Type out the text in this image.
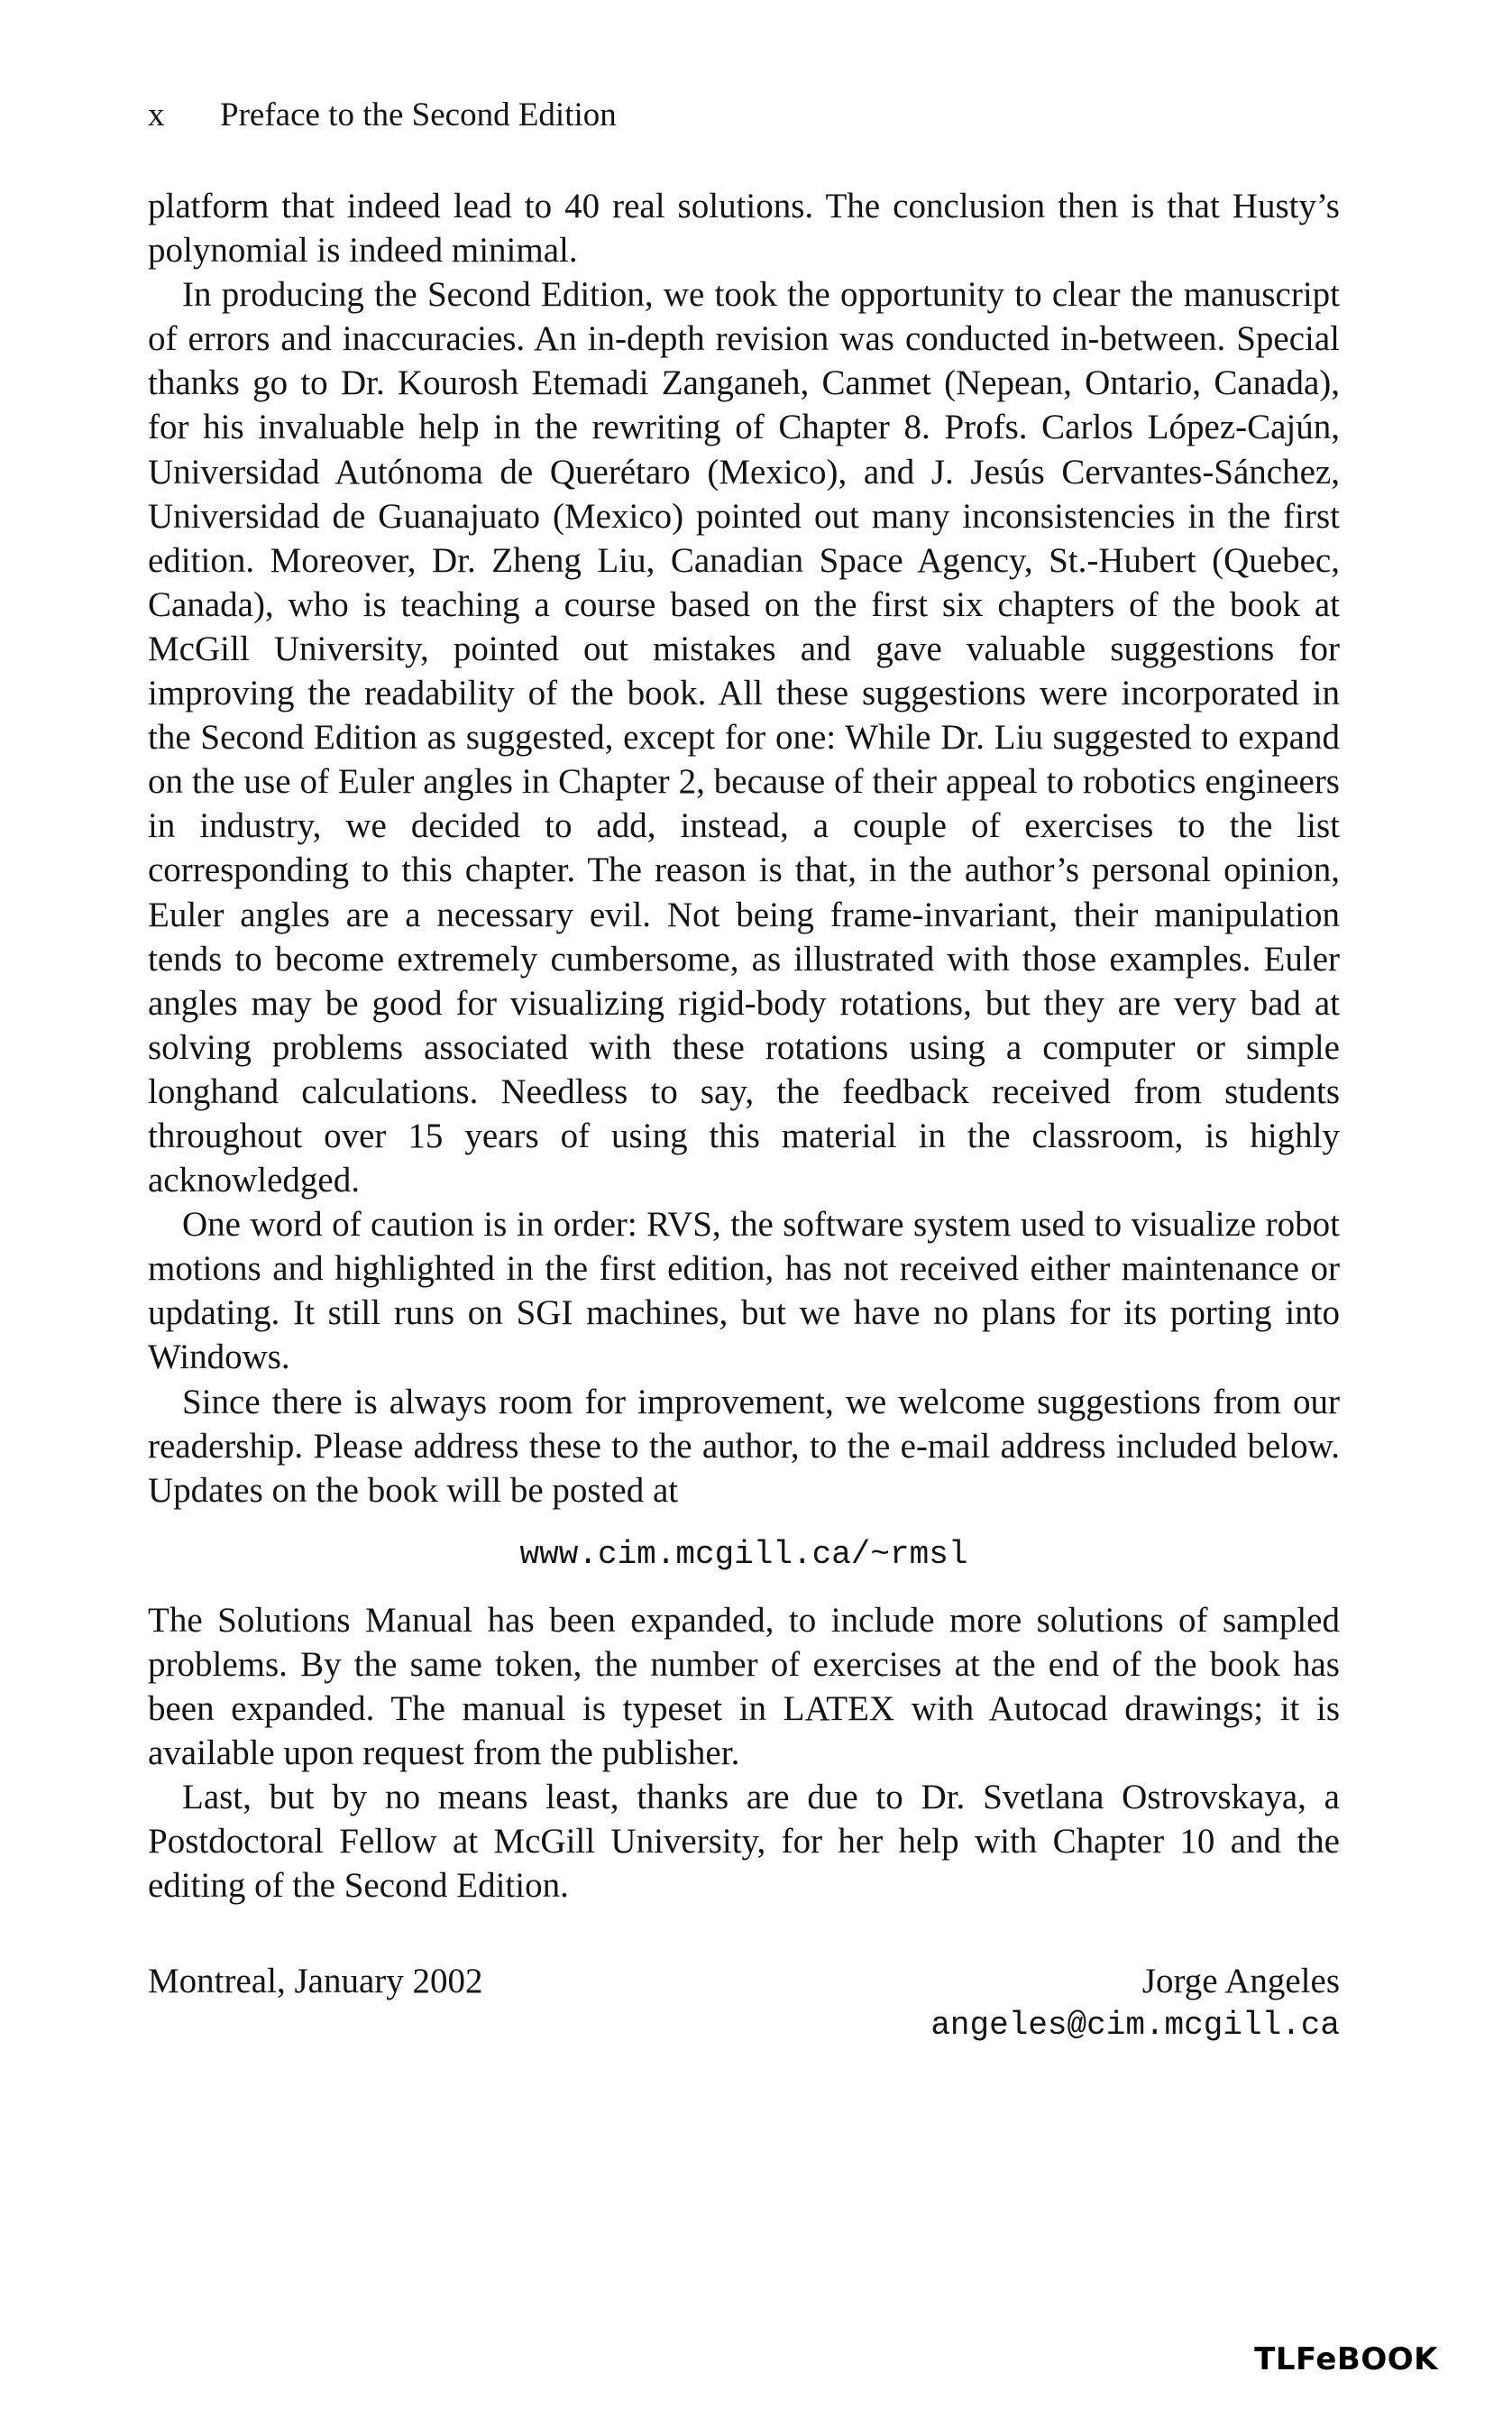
x Preface to the Second Edition

platform that indeed lead to 40 real solutions. The conclusion then is that Husty’s polynomial is indeed minimal.

In producing the Second Edition, we took the opportunity to clear the manuscript of errors and inaccuracies. An in-depth revision was conducted in-between. Special thanks go to Dr. Kourosh Etemadi Zanganeh, Canmet (Nepean, Ontario, Canada), for his invaluable help in the rewriting of Chapter 8. Profs. Carlos López-Cajún, Universidad Autónoma de Querétaro (Mexico), and J. Jesús Cervantes-Sánchez, Universidad de Guanajuato (Mexico) pointed out many inconsistencies in the first edition. Moreover, Dr. Zheng Liu, Canadian Space Agency, St.-Hubert (Quebec, Canada), who is teaching a course based on the first six chapters of the book at McGill University, pointed out mistakes and gave valuable suggestions for improving the readability of the book. All these suggestions were incorporated in the Second Edition as suggested, except for one: While Dr. Liu suggested to expand on the use of Euler angles in Chapter 2, because of their appeal to robotics engineers in industry, we decided to add, instead, a couple of exercises to the list corresponding to this chapter. The reason is that, in the author’s personal opinion, Euler angles are a necessary evil. Not being frame-invariant, their manipulation tends to become extremely cumbersome, as illustrated with those examples. Euler angles may be good for visualizing rigid-body rotations, but they are very bad at solving problems associated with these rotations using a computer or simple longhand calculations. Needless to say, the feedback received from students throughout over 15 years of using this material in the classroom, is highly acknowledged.

One word of caution is in order: RVS, the software system used to visualize robot motions and highlighted in the first edition, has not received either maintenance or updating. It still runs on SGI machines, but we have no plans for its porting into Windows.

Since there is always room for improvement, we welcome suggestions from our readership. Please address these to the author, to the e-mail address included below. Updates on the book will be posted at

www.cim.mcgill.ca/~rmsl

The Solutions Manual has been expanded, to include more solutions of sampled problems. By the same token, the number of exercises at the end of the book has been expanded. The manual is typeset in LATEX with Autocad drawings; it is available upon request from the publisher.

Last, but by no means least, thanks are due to Dr. Svetlana Ostrovskaya, a Postdoctoral Fellow at McGill University, for her help with Chapter 10 and the editing of the Second Edition.

Montreal, January 2002	Jorge Angeles
angeles@cim.mcgill.ca
TLFeBOOK
